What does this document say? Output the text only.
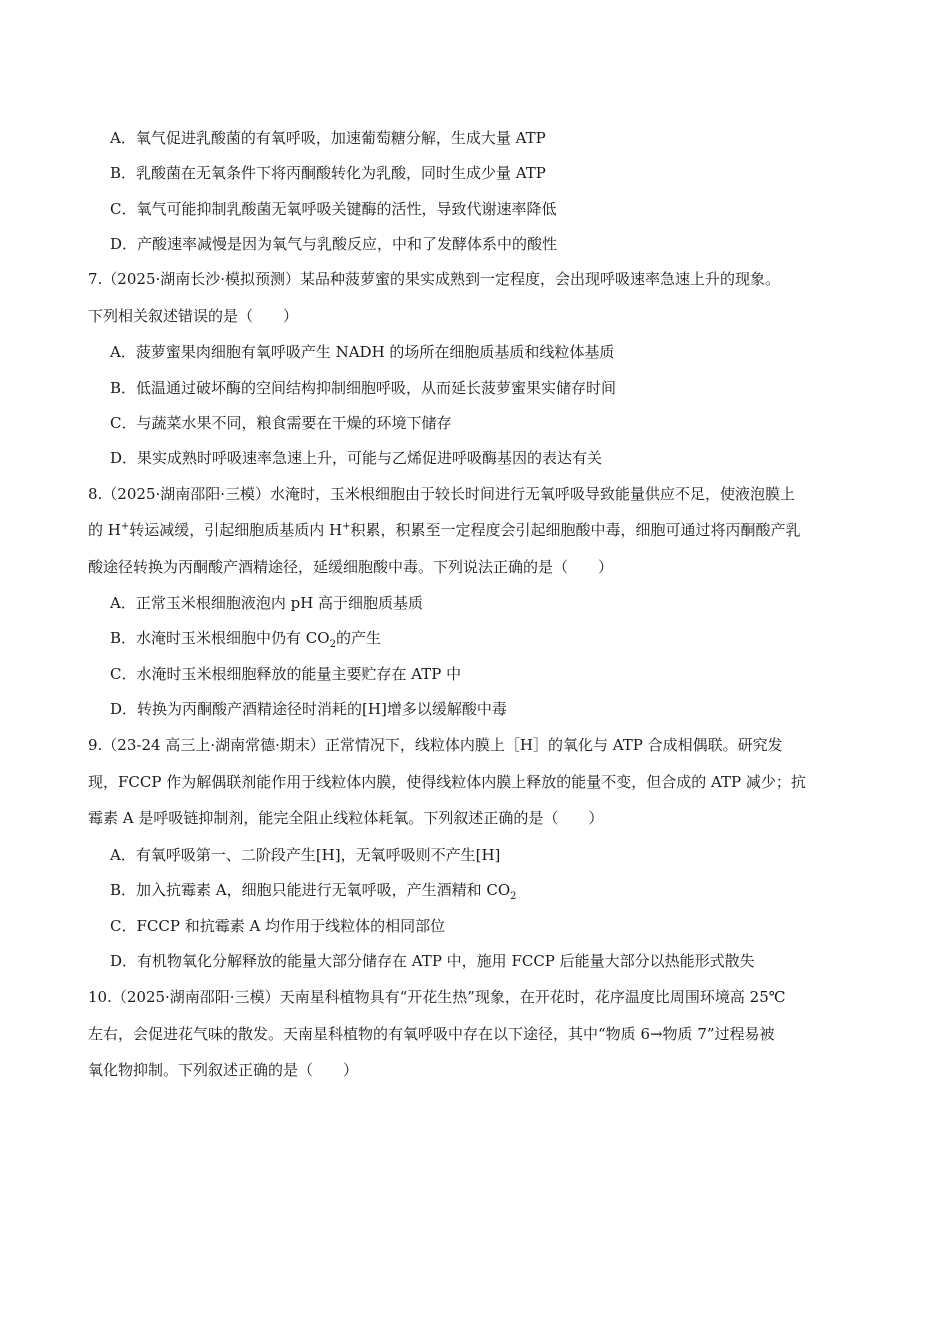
A．氧气促进乳酸菌的有氧呼吸，加速葡萄糖分解，生成大量 ATP
B．乳酸菌在无氧条件下将丙酮酸转化为乳酸，同时生成少量 ATP
C．氧气可能抑制乳酸菌无氧呼吸关键酶的活性，导致代谢速率降低
D．产酸速率减慢是因为氧气与乳酸反应，中和了发酵体系中的酸性
7.（2025·湖南长沙·模拟预测）某品种菠萝蜜的果实成熟到一定程度，会出现呼吸速率急速上升的现象。
下列相关叙述错误的是（　　）
A．菠萝蜜果肉细胞有氧呼吸产生 NADH 的场所在细胞质基质和线粒体基质
B．低温通过破坏酶的空间结构抑制细胞呼吸，从而延长菠萝蜜果实储存时间
C．与蔬菜水果不同，粮食需要在干燥的环境下储存
D．果实成熟时呼吸速率急速上升，可能与乙烯促进呼吸酶基因的表达有关
8.（2025·湖南邵阳·三模）水淹时，玉米根细胞由于较长时间进行无氧呼吸导致能量供应不足，使液泡膜上
的 H+转运减缓，引起细胞质基质内 H+积累，积累至一定程度会引起细胞酸中毒，细胞可通过将丙酮酸产乳
酸途径转换为丙酮酸产酒精途径，延缓细胞酸中毒。下列说法正确的是（　　）
A．正常玉米根细胞液泡内 pH 高于细胞质基质
B．水淹时玉米根细胞中仍有 $CO_2$的产生
C．水淹时玉米根细胞释放的能量主要贮存在 ATP 中
D．转换为丙酮酸产酒精途径时消耗的[H]增多以缓解酸中毒
9.（23-24 高三上·湖南常德·期末）正常情况下，线粒体内膜上［H］的氧化与 ATP 合成相偶联。研究发
现，FCCP 作为解偶联剂能作用于线粒体内膜，使得线粒体内膜上释放的能量不变，但合成的 ATP 减少；抗
霉素 A 是呼吸链抑制剂，能完全阻止线粒体耗氧。下列叙述正确的是（　　）
A．有氧呼吸第一、二阶段产生[H]，无氧呼吸则不产生[H]
B．加入抗霉素 A，细胞只能进行无氧呼吸，产生酒精和 $CO_2$
C．FCCP 和抗霉素 A 均作用于线粒体的相同部位
D．有机物氧化分解释放的能量大部分储存在 ATP 中，施用 FCCP 后能量大部分以热能形式散失
10.（2025·湖南邵阳·三模）天南星科植物具有“开花生热”现象，在开花时，花序温度比周围环境高 25℃
左右，会促进花气味的散发。天南星科植物的有氧呼吸中存在以下途径，其中“物质 6→物质 7”过程易被
氧化物抑制。下列叙述正确的是（　　）
